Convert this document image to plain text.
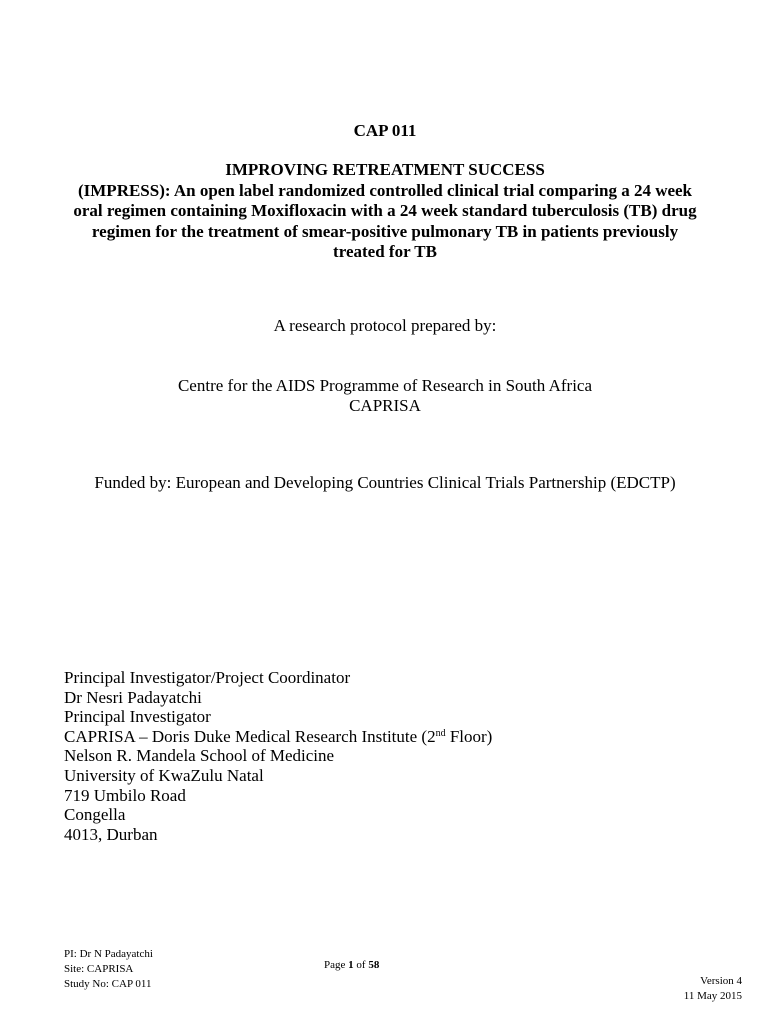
CAP 011
IMPROVING RETREATMENT SUCCESS
(IMPRESS): An open label randomized controlled clinical trial comparing a 24 week
oral regimen containing Moxifloxacin with a 24 week standard tuberculosis (TB) drug
regimen for the treatment of smear-positive pulmonary TB in patients previously
treated for TB
A research protocol prepared by:
Centre for the AIDS Programme of Research in South Africa
CAPRISA
Funded by: European and Developing Countries Clinical Trials Partnership (EDCTP)
Principal Investigator/Project Coordinator
Dr Nesri Padayatchi
Principal Investigator
CAPRISA – Doris Duke Medical Research Institute (2nd Floor)
Nelson R. Mandela School of Medicine
University of KwaZulu Natal
719 Umbilo Road
Congella
4013, Durban
PI: Dr N Padayatchi
Site: CAPRISA
Study No: CAP 011
Page 1 of 58
Version 4
11 May 2015
